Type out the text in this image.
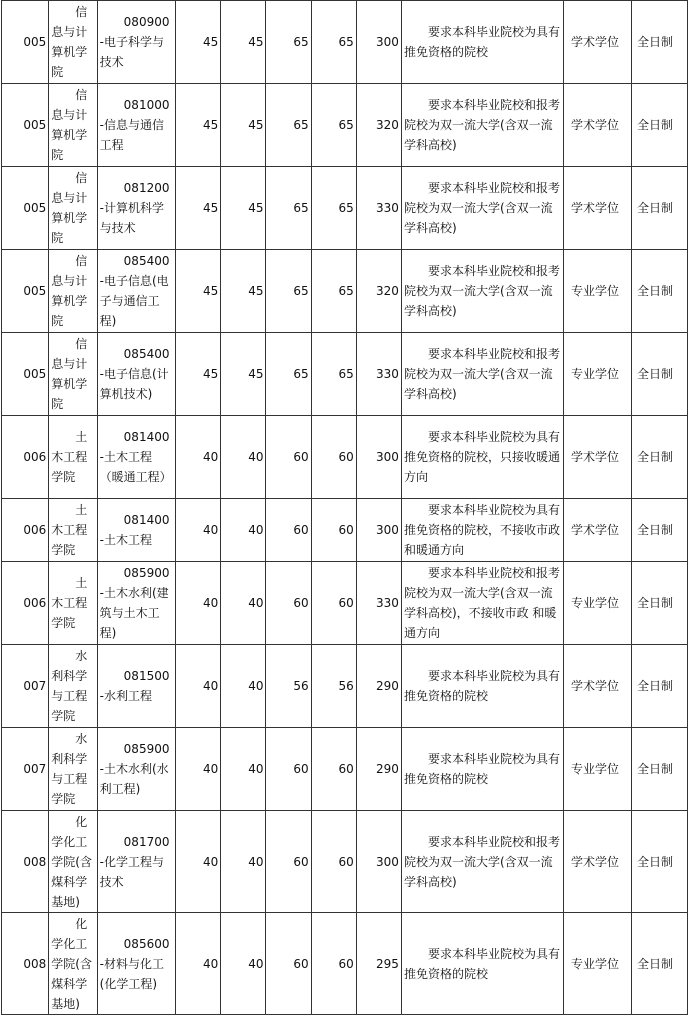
005	信息与计算机学院	080900-电子科学与技术	45	45	65	65	300	要求本科毕业院校为具有推免资格的院校	学术学位	全日制
005	信息与计算机学院	081000-信息与通信工程	45	45	65	65	320	要求本科毕业院校和报考院校为双一流大学(含双一流学科高校)	学术学位	全日制
005	信息与计算机学院	081200-计算机科学与技术	45	45	65	65	330	要求本科毕业院校和报考院校为双一流大学(含双一流学科高校)	学术学位	全日制
005	信息与计算机学院	085400-电子信息(电子与通信工程)	45	45	65	65	320	要求本科毕业院校和报考院校为双一流大学(含双一流学科高校)	专业学位	全日制
005	信息与计算机学院	085400-电子信息(计算机技术)	45	45	65	65	330	要求本科毕业院校和报考院校为双一流大学(含双一流学科高校)	专业学位	全日制
006	土木工程学院	081400-土木工程（暖通工程）	40	40	60	60	300	要求本科毕业院校为具有推免资格的院校，只接收暖通方向	学术学位	全日制
006	土木工程学院	081400-土木工程	40	40	60	60	300	要求本科毕业院校为具有推免资格的院校，不接收市政和暖通方向	学术学位	全日制
006	土木工程学院	085900-土木水利(建筑与土木工程)	40	40	60	60	330	要求本科毕业院校和报考院校为双一流大学(含双一流学科高校)，不接收市政 和暖通方向	专业学位	全日制
007	水利科学与工程学院	081500-水利工程	40	40	56	56	290	要求本科毕业院校为具有推免资格的院校	学术学位	全日制
007	水利科学与工程学院	085900-土木水利(水利工程)	40	40	60	60	290	要求本科毕业院校为具有推免资格的院校	专业学位	全日制
008	化学化工学院(含煤科学基地)	081700-化学工程与技术	40	40	60	60	300	要求本科毕业院校和报考院校为双一流大学(含双一流学科高校)	学术学位	全日制
008	化学化工学院(含煤科学基地)	085600-材料与化工(化学工程)	40	40	60	60	295	要求本科毕业院校为具有推免资格的院校	专业学位	全日制
